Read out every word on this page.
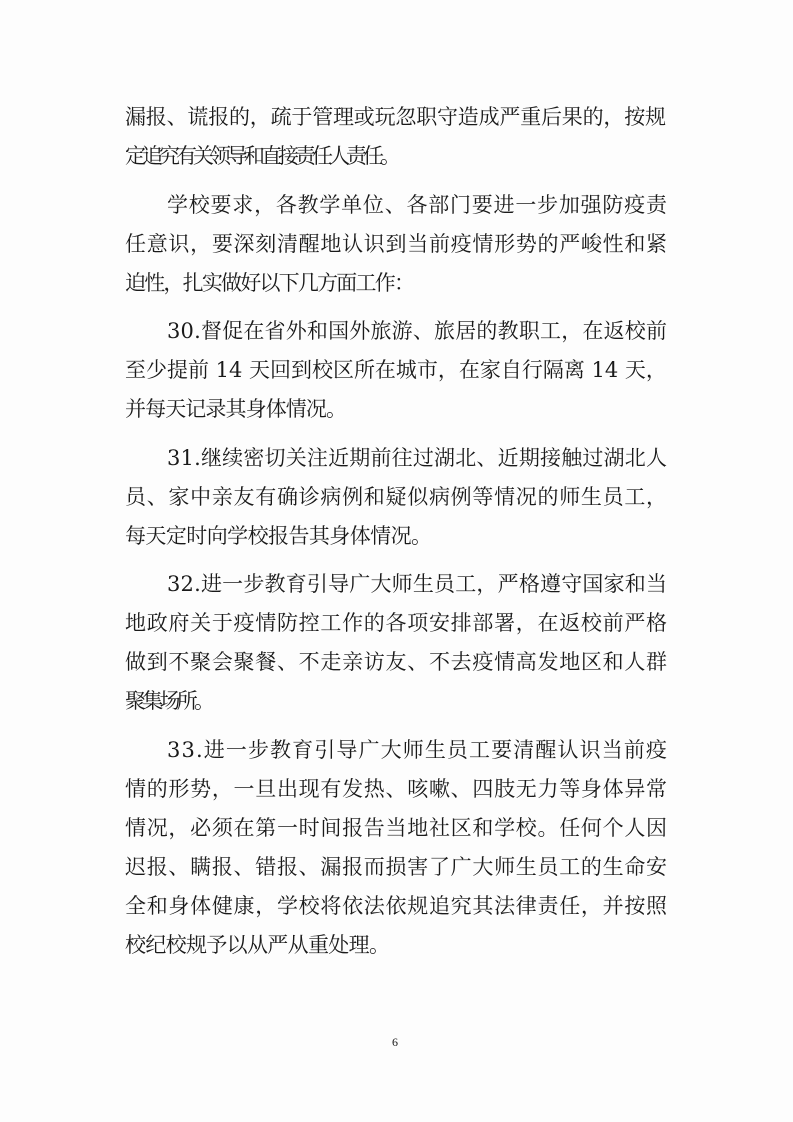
漏报、谎报的，疏于管理或玩忽职守造成严重后果的，按规

定追究有关领导和直接责任人责任。

学校要求，各教学单位、各部门要进一步加强防疫责

任意识，要深刻清醒地认识到当前疫情形势的严峻性和紧

迫性，扎实做好以下几方面工作：

30.督促在省外和国外旅游、旅居的教职工，在返校前

至少提前 14 天回到校区所在城市，在家自行隔离 14 天，

并每天记录其身体情况。

31.继续密切关注近期前往过湖北、近期接触过湖北人

员、家中亲友有确诊病例和疑似病例等情况的师生员工，

每天定时向学校报告其身体情况。

32.进一步教育引导广大师生员工，严格遵守国家和当

地政府关于疫情防控工作的各项安排部署，在返校前严格

做到不聚会聚餐、不走亲访友、不去疫情高发地区和人群

聚集场所。

33.进一步教育引导广大师生员工要清醒认识当前疫

情的形势，一旦出现有发热、咳嗽、四肢无力等身体异常

情况，必须在第一时间报告当地社区和学校。任何个人因

迟报、瞒报、错报、漏报而损害了广大师生员工的生命安

全和身体健康，学校将依法依规追究其法律责任，并按照

校纪校规予以从严从重处理。

6
